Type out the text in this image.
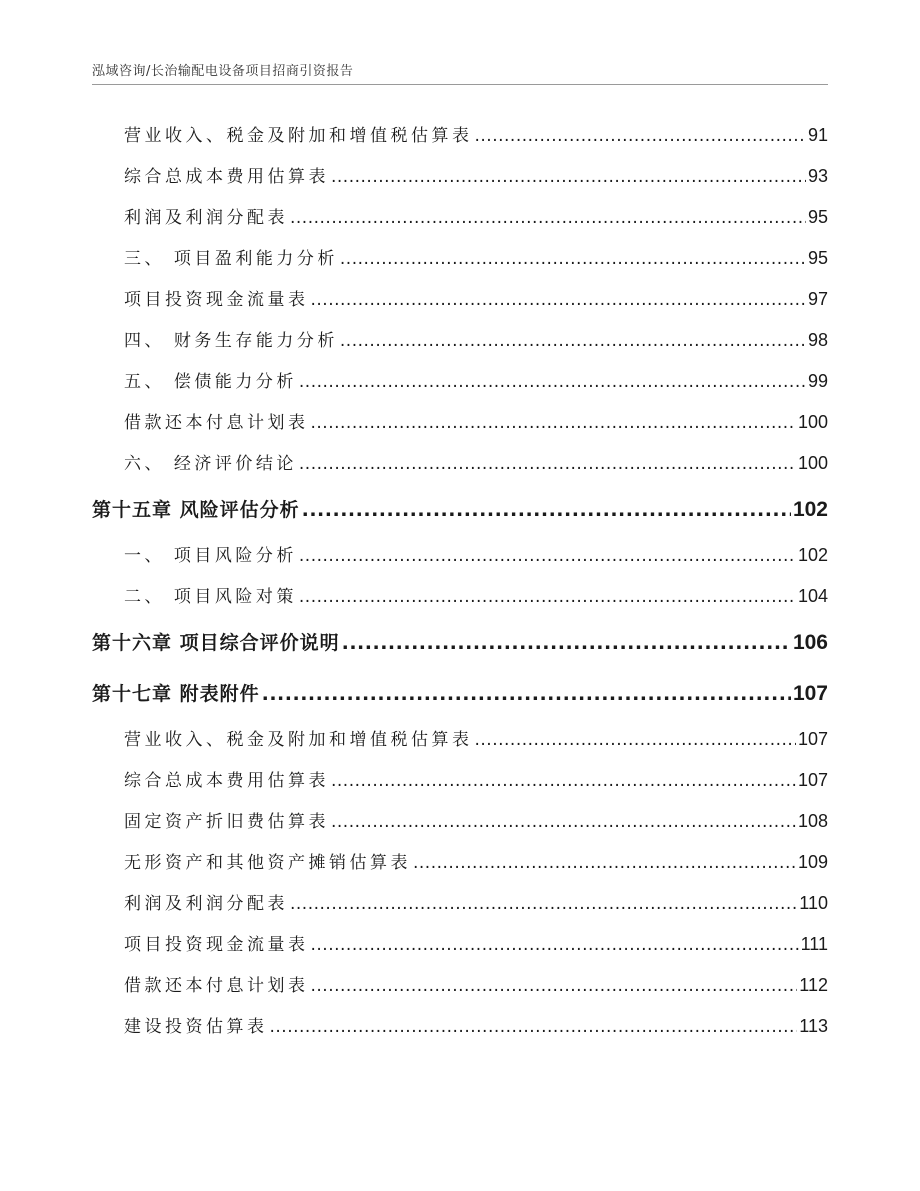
泓域咨询/长治输配电设备项目招商引资报告
营业收入、税金及附加和增值税估算表 .....	91
综合总成本费用估算表 .....	93
利润及利润分配表 .....	95
三、 项目盈利能力分析 .....	95
项目投资现金流量表 .....	97
四、 财务生存能力分析 .....	98
五、 偿债能力分析 .....	99
借款还本付息计划表 .....	100
六、 经济评价结论 .....	100
第十五章 风险评估分析 .....	102
一、 项目风险分析 .....	102
二、 项目风险对策 .....	104
第十六章 项目综合评价说明 .....	106
第十七章 附表附件 .....	107
营业收入、税金及附加和增值税估算表 .....	107
综合总成本费用估算表 .....	107
固定资产折旧费估算表 .....	108
无形资产和其他资产摊销估算表 .....	109
利润及利润分配表 .....	110
项目投资现金流量表 .....	111
借款还本付息计划表 .....	112
建设投资估算表 .....	113
